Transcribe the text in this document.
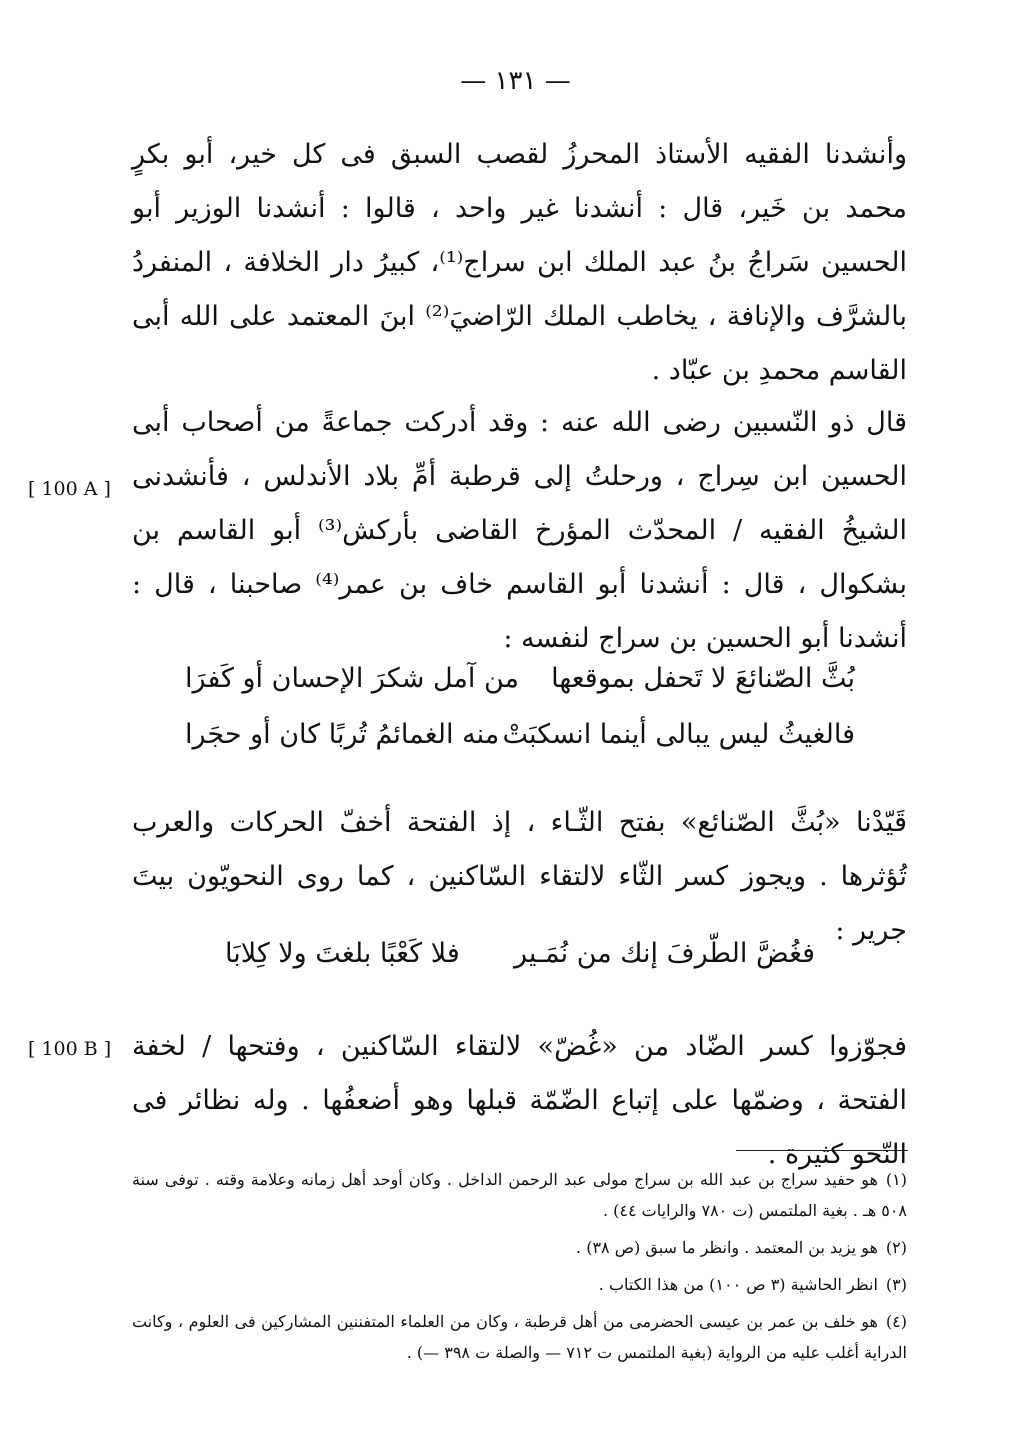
— ١٣١ —

وأنشدنا الفقيه الأستاذ المحرزُ لقصب السبق فى كل خير، أبو بكرٍ محمد بن خَير، قال : أنشدنا غير واحد ، قالوا : أنشدنا الوزير أبو الحسين سَراجُ بنُ عبد الملك ابن سراج⁽¹⁾، كبيرُ دار الخلافة ، المنفردُ بالشرَّف والإنافة ، يخاطب الملك الرّاضيَ⁽²⁾ ابنَ المعتمد على الله أبى القاسم محمدِ بن عبّاد .

قال ذو النّسبين رضى الله عنه : وقد أدركت جماعةً من أصحاب أبى الحسين ابن سِراج ، ورحلتُ إلى قرطبة أمِّ بلاد الأندلس ، فأنشدنى الشيخُ الفقيه / المحدّث المؤرخ القاضى بأركش⁽³⁾ أبو القاسم بن بشكوال ، قال : أنشدنا أبو القاسم خاف بن عمر⁽⁴⁾ صاحبنا ، قال : أنشدنا أبو الحسين بن سراج لنفسه :

[ 100 A ]
بُثَّ الصّنائعَ لا تَحفل بموقعها
من آمل شكرَ الإحسان أو كَفرَا
فالغيثُ ليس يبالى أينما انسكبَتْ
منه الغمائمُ تُربًا كان أو حجَرا

قَيّدْنا «بُثَّ الصّنائع» بفتح الثّـاء ، إذ الفتحة أخفّ الحركات والعرب تُؤثرها . ويجوز كسر الثّاء لالتقاء السّاكنين ، كما روى النحويّون بيتَ جرير :

فغُضَّ الطّرفَ إنك من نُمَـير
فلا كَعْبًا بلغتَ ولا كِلابَا

فجوّزوا كسر الضّاد من «غُضّ» لالتقاء السّاكنين ، وفتحها / لخفة الفتحة ، وضمّها على إتباع الضّمّة قبلها وهو أضعفُها . وله نظائر فى النّحو كثيرة .

[ 100 B ]

(١)هو حفيد سراج بن عبد الله بن سراج مولى عبد الرحمن الداخل . وكان أوحد أهل زمانه وعلامة وقته . توفى سنة ٥٠٨ هـ . بغية الملتمس (ت ٧٨٠ والرايات ٤٤) .

(٢)هو يزيد بن المعتمد . وانظر ما سبق (ص ٣٨) .

(٣)انظر الحاشية (٣ ص ١٠٠) من هذا الكتاب .

(٤)هو خلف بن عمر بن عيسى الحضرمى من أهل قرطبة ، وكان من العلماء المتفننين المشاركين فى العلوم ، وكانت الدراية أغلب عليه من الرواية (بغية الملتمس ت ٧١٢ — والصلة ت ٣٩٨ —) .
